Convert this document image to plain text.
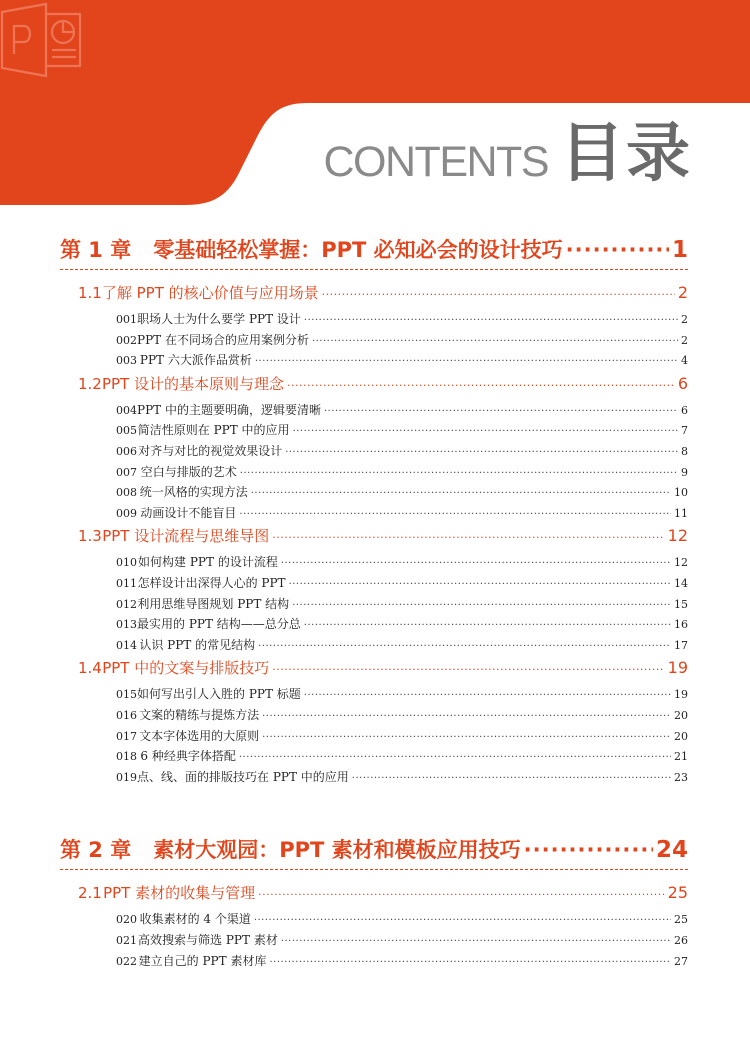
CONTENTS 目录
第 1 章 零基础轻松掌握：PPT 必知必会的设计技巧 ·····	1
1.1 了解 PPT 的核心价值与应用场景 ·····	2
001 职场人士为什么要学 PPT 设计 ·····	2
002 PPT 在不同场合的应用案例分析 ·····	2
003 PPT 六大派作品赏析 ·····	4
1.2 PPT 设计的基本原则与理念 ·····	6
004 PPT 中的主题要明确，逻辑要清晰 ·····	6
005 简洁性原则在 PPT 中的应用 ·····	7
006 对齐与对比的视觉效果设计 ·····	8
007 空白与排版的艺术 ·····	9
008 统一风格的实现方法 ·····	10
009 动画设计不能盲目 ·····	11
1.3 PPT 设计流程与思维导图 ·····	12
010 如何构建 PPT 的设计流程 ·····	12
011 怎样设计出深得人心的 PPT ·····	14
012 利用思维导图规划 PPT 结构 ·····	15
013 最实用的 PPT 结构——总分总 ·····	16
014 认识 PPT 的常见结构 ·····	17
1.4 PPT 中的文案与排版技巧 ·····	19
015 如何写出引人入胜的 PPT 标题 ·····	19
016 文案的精练与提炼方法 ·····	20
017 文本字体选用的大原则 ·····	20
018 6 种经典字体搭配 ·····	21
019 点、线、面的排版技巧在 PPT 中的应用 ·····	23
第 2 章 素材大观园：PPT 素材和模板应用技巧 ·····	24
2.1 PPT 素材的收集与管理 ·····	25
020 收集素材的 4 个渠道 ·····	25
021 高效搜索与筛选 PPT 素材 ·····	26
022 建立自己的 PPT 素材库 ·····	27
